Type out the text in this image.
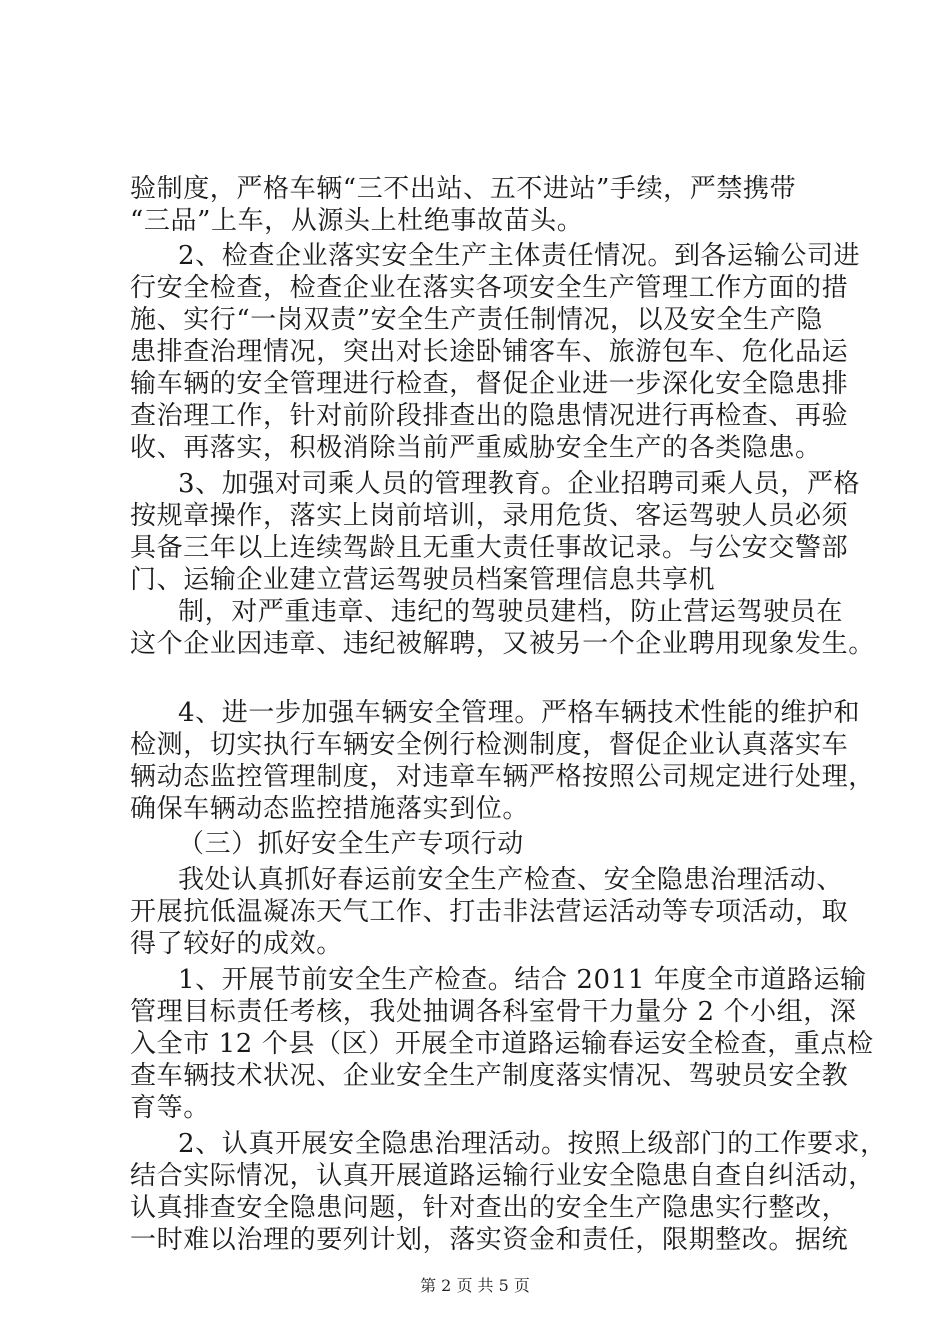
验制度，严格车辆“三不出站、五不进站”手续，严禁携带
“三品”上车，从源头上杜绝事故苗头。
2、检查企业落实安全生产主体责任情况。到各运输公司进
行安全检查，检查企业在落实各项安全生产管理工作方面的措
施、实行“一岗双责”安全生产责任制情况，以及安全生产隐
患排查治理情况，突出对长途卧铺客车、旅游包车、危化品运
输车辆的安全管理进行检查，督促企业进一步深化安全隐患排
查治理工作，针对前阶段排查出的隐患情况进行再检查、再验
收、再落实，积极消除当前严重威胁安全生产的各类隐患。
3、加强对司乘人员的管理教育。企业招聘司乘人员，严格
按规章操作，落实上岗前培训，录用危货、客运驾驶人员必须
具备三年以上连续驾龄且无重大责任事故记录。与公安交警部
门、运输企业建立营运驾驶员档案管理信息共享机
制，对严重违章、违纪的驾驶员建档，防止营运驾驶员在
这个企业因违章、违纪被解聘，又被另一个企业聘用现象发生。
4、进一步加强车辆安全管理。严格车辆技术性能的维护和
检测，切实执行车辆安全例行检测制度，督促企业认真落实车
辆动态监控管理制度，对违章车辆严格按照公司规定进行处理，
确保车辆动态监控措施落实到位。
（三）抓好安全生产专项行动
我处认真抓好春运前安全生产检查、安全隐患治理活动、
开展抗低温凝冻天气工作、打击非法营运活动等专项活动，取
得了较好的成效。
1、开展节前安全生产检查。结合 2011 年度全市道路运输
管理目标责任考核，我处抽调各科室骨干力量分 2 个小组，深
入全市 12 个县（区）开展全市道路运输春运安全检查，重点检
查车辆技术状况、企业安全生产制度落实情况、驾驶员安全教
育等。
2、认真开展安全隐患治理活动。按照上级部门的工作要求，
结合实际情况，认真开展道路运输行业安全隐患自查自纠活动，
认真排查安全隐患问题，针对查出的安全生产隐患实行整改，
一时难以治理的要列计划，落实资金和责任，限期整改。据统
第 2 页 共 5 页
